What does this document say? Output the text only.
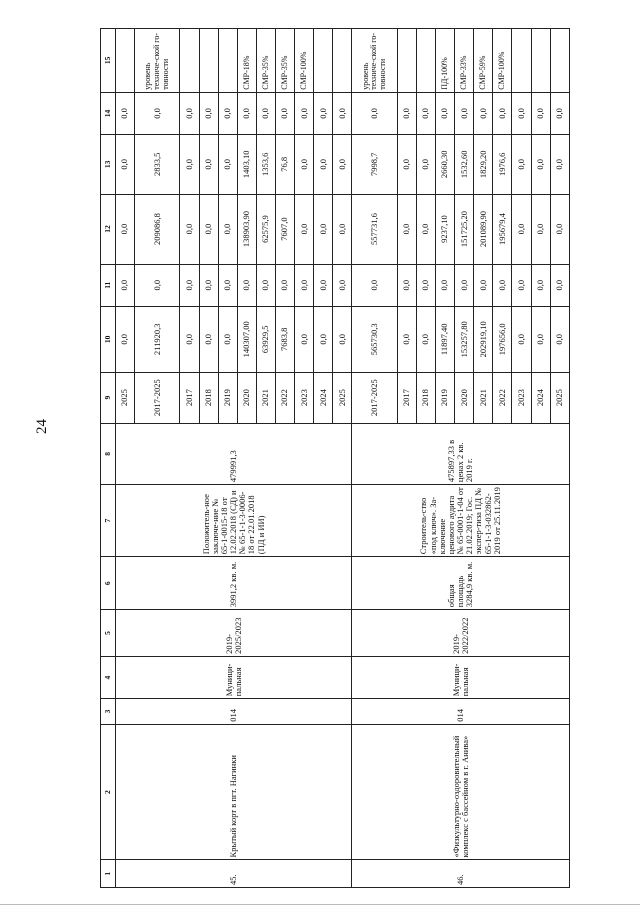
24
1	2	3	4	5	6	7	8	9	10	11	12	13	14	15
45.	Крытый корт в пгт. Нагинки	014	Муници-пальная	2019-2025/2023	3991,2 кв. м.	Положитель-ное заключе-ние № 65-1-0015-18 от 12.02.2018 (СД) и № 65-1-1-3-0006-18 от 22.01.2018 (ПД и ИИ)	479991,3	2025	0,0	0,0	0,0	0,0	0,0	
								2017-2025	211920,3	0,0	209086,8	2833,5	0,0	уровень техниче-ской го-товности
								2017	0,0	0,0	0,0	0,0	0,0	
								2018	0,0	0,0	0,0	0,0	0,0	
								2019	0,0	0,0	0,0	0,0	0,0	
								2020	140307,00	0,0	138903,90	1403,10	0,0	СМР-18%
								2021	63929,5	0,0	62575,9	1353,6	0,0	СМР-35%
								2022	7683,8	0,0	7607,0	76,8	0,0	СМР-35%
								2023	0,0	0,0	0,0	0,0	0,0	СМР-100%
								2024	0,0	0,0	0,0	0,0	0,0	
								2025	0,0	0,0	0,0	0,0	0,0	
46.	«Физкультурно-оздоровительный комплекс с бассейном в г. Анива»	014	Муници-пальная	2019-2022/2022	общая площадь 3284,9 кв. м.	Строитель-ство «под ключ». За-ключение ценового аудита № 65-0001-1-04 от 21.02.2019; Гос. экспер-тиза ПД № 65-1-1-3-032862-2019 от 25.11.2019	475897,33 в ценах 2 кв. 2019 г.	2017-2025	565730,3	0,0	557731,6	7998,7	0,0	уровень техниче-ской го-товности
								2017	0,0	0,0	0,0	0,0	0,0	
								2018	0,0	0,0	0,0	0,0	0,0	
								2019	11897,40	0,0	9237,10	2660,30	0,0	ПД-100%
								2020	153257,80	0,0	151725,20	1532,60	0,0	СМР-33%
								2021	202919,10	0,0	201089,90	1829,20	0,0	СМР-59%
								2022	197656,0	0,0	195679,4	1976,6	0,0	СМР-100%
								2023	0,0	0,0	0,0	0,0	0,0	
								2024	0,0	0,0	0,0	0,0	0,0	
								2025	0,0	0,0	0,0	0,0	0,0	
